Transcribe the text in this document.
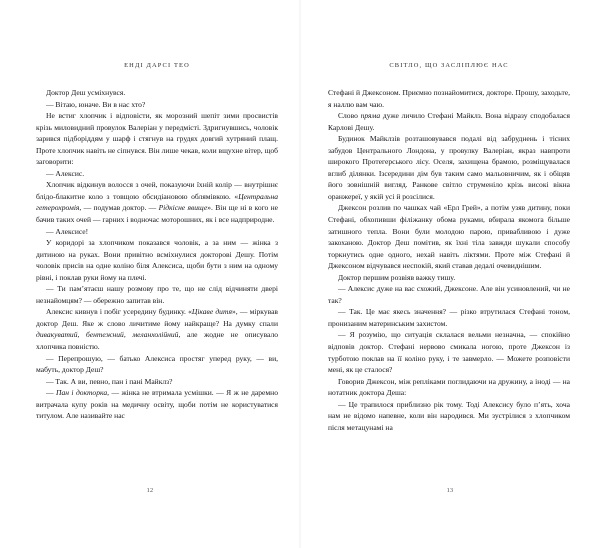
ЕНДІ ДАРСІ ТЕО

Доктор Деш усміхнувся.

— Вітаю, юначе. Ви в нас хто?

Не встиг хлопчик і відповісти, як морозний шепіт зими просвистів крізь миловидний провулок Валеріан у передмісті. Здригнувшись, чоловік зарився підборіддям у шарф і стягнув на грудях довгий хутряний плащ. Проте хлопчик навіть не сіпнувся. Він лише чекав, коли вщухне вітер, щоб заговорити:

— Алексис.

Хлопчик відкинув волосся з очей, показуючи їхній колір — внутрішнє блідо-блакитне коло з товщою обсидіановою облямівкою. «Центральна гетерохромія, — подумав доктор. — Рідкісне явище». Він ще ні в кого не бачив таких очей — гарних і водночас моторошних, як і все надприродне.

— Алексисе!

У коридорі за хлопчиком показався чоловік, а за ним — жінка з дитиною на руках. Вони привітно всміхнулися докторові Дешу. Потім чоловік присів на одне коліно біля Алексиса, щоби бути з ним на одному рівні, і поклав руки йому на плечі.

— Ти пам’ятаєш нашу розмову про те, що не слід відчиняти двері незнайомцям? — обережно запитав він.

Алексис кивнув і побіг усередину будинку. «Цікаве дитя», — міркував доктор Деш. Яке ж слово личитиме йому найкраще? На думку спали дивакуватий, бентежний, меланхолійний, але жодне не описувало хлопчика повністю.

— Перепрошую, — батько Алексиса простяг уперед руку, — ви, мабуть, доктор Деш?

— Так. А ви, певно, пан і пані Майклз?

— Пан і докторка, — жінка не втримала усмішки. — Я ж не даремно витрачала купу років на медичну освіту, щоби потім не користуватися титулом. Але називайте нас

12
СВІТЛО, ЩО ЗАСЛІПЛЮЄ НАС

Стефані й Джексоном. Приємно познайомитися, докторе. Прошу, заходьте, я наллю вам чаю.

Слово прямa дуже личило Стефані Майклз. Вона відразу сподобалася Карлові Дешу.

Будинок Майклзів розташовувався подалі від забруднень і тісних забудов Центрального Лондона, у провулку Валеріан, якраз навпроти широкого Протегерського лісу. Оселя, захищена брамою, розміщувалася вглиб ділянки. Ізсередини дім був таким само мальовничим, як і обіцяв його зовнішній вигляд. Ранкове світло струменіло крізь високі вікна оранжереї, у якій усі й розсілися.

Джексон розлив по чашках чай «Ерл Грей», а потім узяв дитину, поки Стефані, обхопивши філіжанку обома руками, вбирала якомога більше затишного тепла. Вони були молодою парою, привабливою і дуже закоханою. Доктор Деш помітив, як їхні тіла завжди шукали способу торкнутись одне одного, нехай навіть ліктями. Проте між Стефані й Джексоном відчувався неспокій, який ставав дедалі очевиднішим.

Доктор першим розвіяв важку тишу.

— Алексис дуже на вас схожий, Джексоне. Але він усиновлений, чи не так?

— Так. Це має якесь значення? — різко втрутилася Стефані тоном, пронизаним материнським захистом.

— Я розумію, що ситуація склалася вельми незначна, — спокійно відповів доктор. Стефані нервово смикала ногою, проте Джексон із турботою поклав на її коліно руку, і те завмерло. — Можете розповісти мені, як це сталося?

Говорив Джексон, між репліками поглидаючи на дружину, а іноді — на нотатник доктора Деша:

— Це трапилося приблизно рік тому. Тоді Алексису було п’ять, хоча нам не відомо напевне, коли він народився. Ми зустрілися з хлопчиком після метацунамі на

13
